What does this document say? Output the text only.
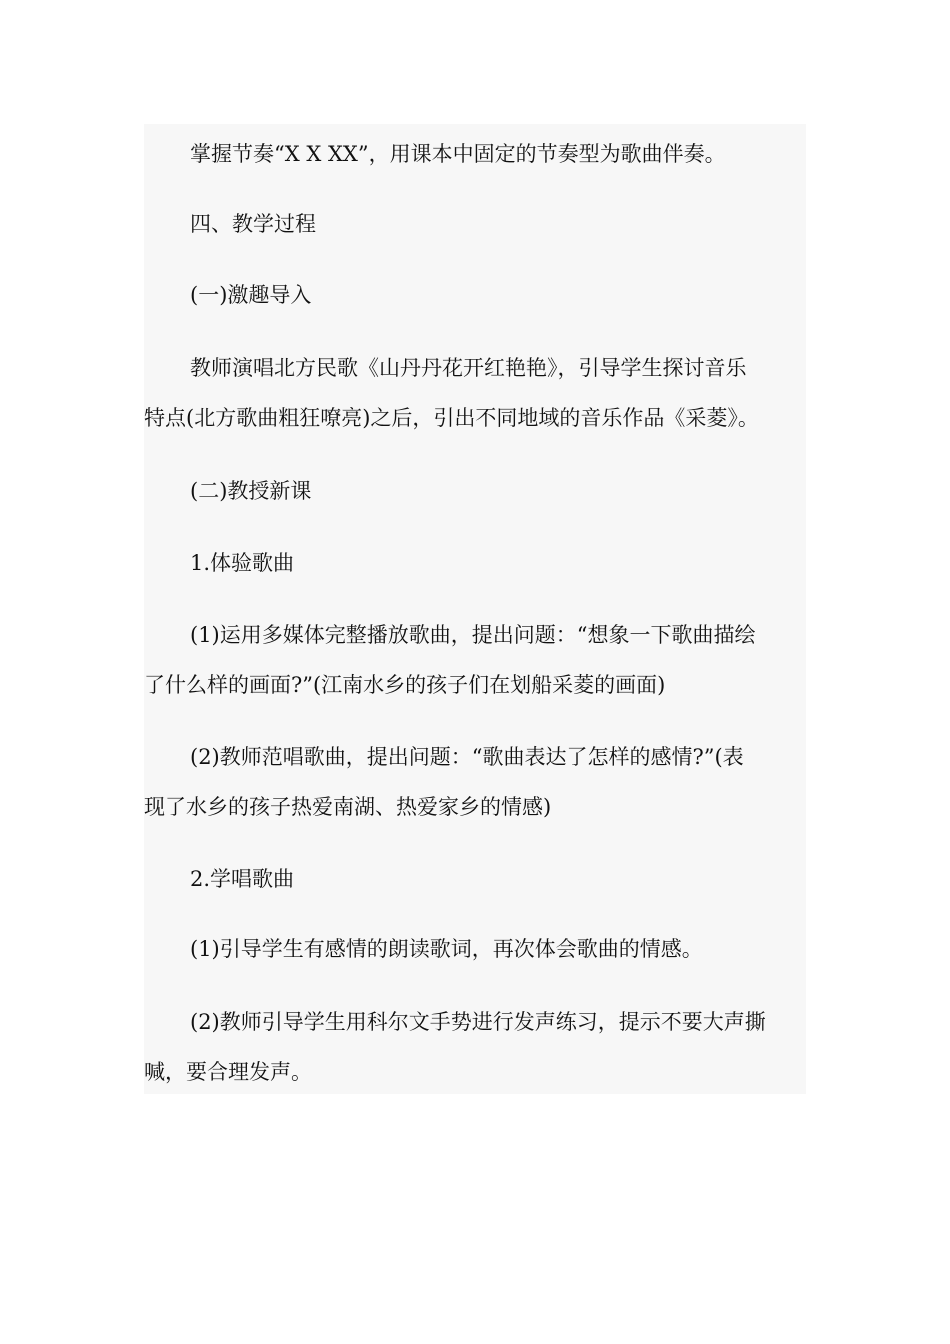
掌握节奏“X X XX”，用课本中固定的节奏型为歌曲伴奏。

四、教学过程

(一)激趣导入

教师演唱北方民歌《山丹丹花开红艳艳》，引导学生探讨音乐

特点(北方歌曲粗狂嘹亮)之后，引出不同地域的音乐作品《采菱》。

(二)教授新课

1.体验歌曲

(1)运用多媒体完整播放歌曲，提出问题：“想象一下歌曲描绘

了什么样的画面?”(江南水乡的孩子们在划船采菱的画面)

(2)教师范唱歌曲，提出问题：“歌曲表达了怎样的感情?”(表

现了水乡的孩子热爱南湖、热爱家乡的情感)

2.学唱歌曲

(1)引导学生有感情的朗读歌词，再次体会歌曲的情感。

(2)教师引导学生用科尔文手势进行发声练习，提示不要大声撕

喊，要合理发声。
